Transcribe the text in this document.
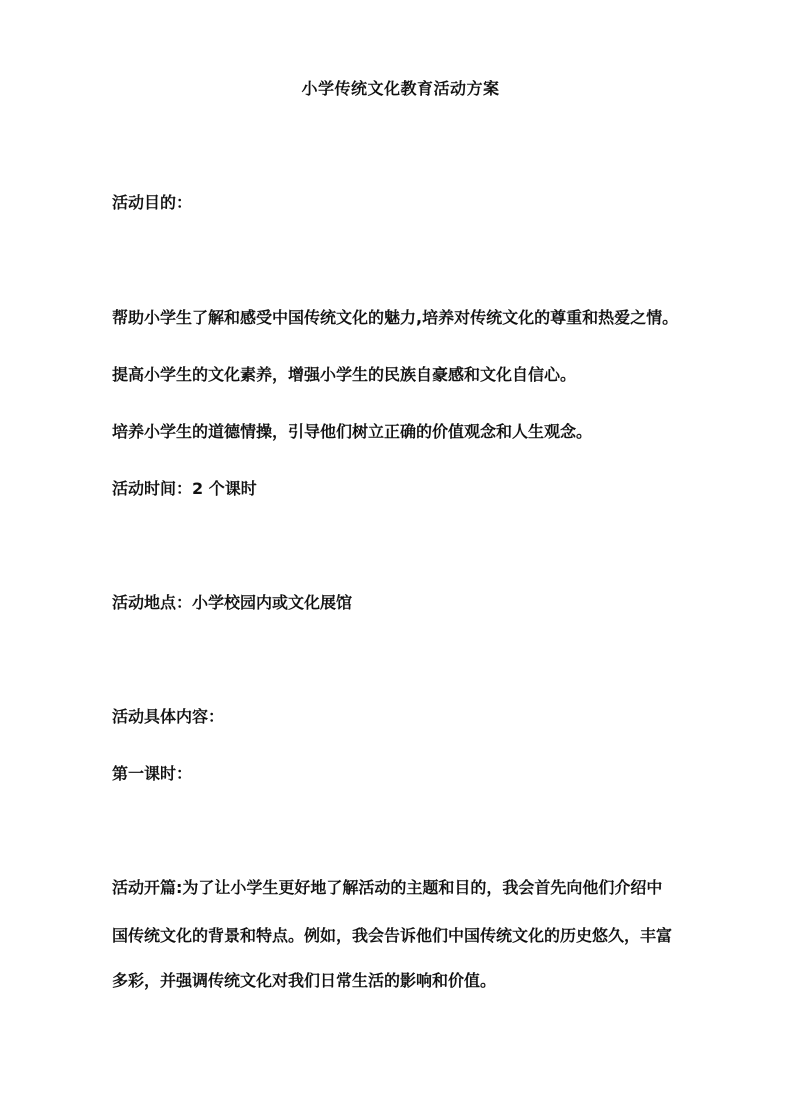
小学传统文化教育活动方案
活动目的：
帮助小学生了解和感受中国传统文化的魅力,培养对传统文化的尊重和热爱之情。
提高小学生的文化素养，增强小学生的民族自豪感和文化自信心。
培养小学生的道德情操，引导他们树立正确的价值观念和人生观念。
活动时间：2 个课时
活动地点：小学校园内或文化展馆
活动具体内容：
第一课时：
活动开篇:为了让小学生更好地了解活动的主题和目的，我会首先向他们介绍中
国传统文化的背景和特点。例如，我会告诉他们中国传统文化的历史悠久，丰富
多彩，并强调传统文化对我们日常生活的影响和价值。
